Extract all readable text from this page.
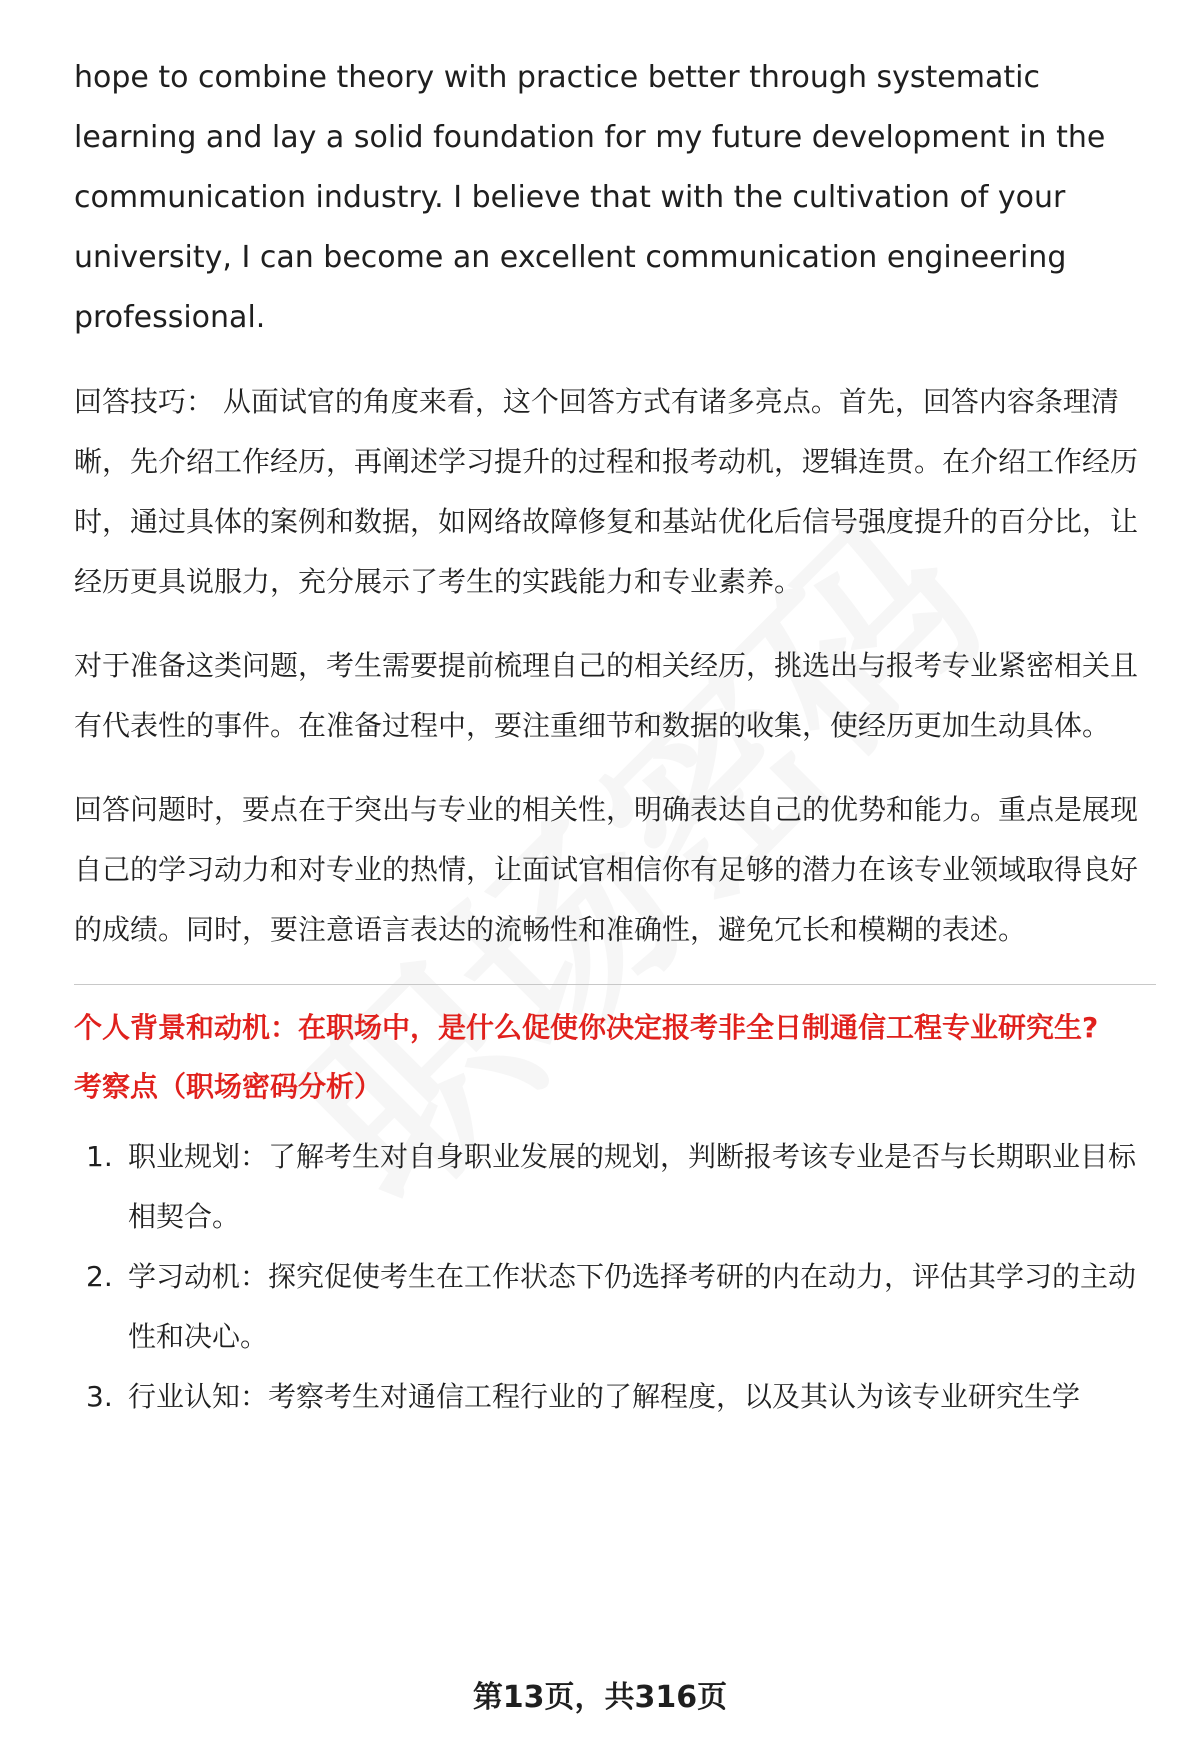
hope to combine theory with practice better through systematic learning and lay a solid foundation for my future development in the communication industry. I believe that with the cultivation of your university, I can become an excellent communication engineering professional.

回答技巧： 从面试官的角度来看，这个回答方式有诸多亮点。首先，回答内容条理清晰，先介绍工作经历，再阐述学习提升的过程和报考动机，逻辑连贯。在介绍工作经历时，通过具体的案例和数据，如网络故障修复和基站优化后信号强度提升的百分比，让经历更具说服力，充分展示了考生的实践能力和专业素养。

对于准备这类问题，考生需要提前梳理自己的相关经历，挑选出与报考专业紧密相关且有代表性的事件。在准备过程中，要注重细节和数据的收集，使经历更加生动具体。

回答问题时，要点在于突出与专业的相关性，明确表达自己的优势和能力。重点是展现自己的学习动力和对专业的热情，让面试官相信你有足够的潜力在该专业领域取得良好的成绩。同时，要注意语言表达的流畅性和准确性，避免冗长和模糊的表述。

个人背景和动机：在职场中，是什么促使你决定报考非全日制通信工程专业研究生?
考察点（职场密码分析）
1. 职业规划：了解考生对自身职业发展的规划，判断报考该专业是否与长期职业目标相契合。
2. 学习动机：探究促使考生在工作状态下仍选择考研的内在动力，评估其学习的主动性和决心。
3. 行业认知：考察考生对通信工程行业的了解程度，以及其认为该专业研究生学
第13页，共316页
